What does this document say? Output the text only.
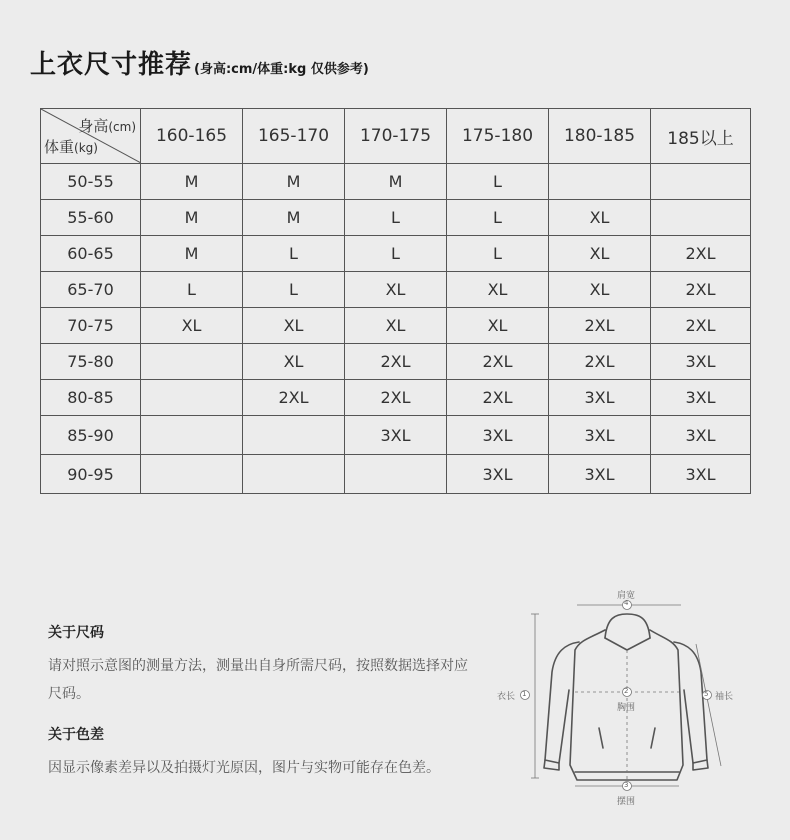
上衣尺寸推荐 (身高:cm/体重:kg 仅供参考)
身高(cm)
体重(kg)	160-165	165-170	170-175	175-180	180-185	185以上
50-55	M	M	M	L		
55-60	M	M	L	L	XL	
60-65	M	L	L	L	XL	2XL
65-70	L	L	XL	XL	XL	2XL
70-75	XL	XL	XL	XL	2XL	2XL
75-80		XL	2XL	2XL	2XL	3XL
80-85		2XL	2XL	2XL	3XL	3XL
85-90			3XL	3XL	3XL	3XL
90-95				3XL	3XL	3XL
关于尺码
请对照示意图的测量方法，测量出自身所需尺码，按照数据选择对应尺码。
关于色差
因显示像素差异以及拍摄灯光原因，图片与实物可能存在色差。
肩宽
4
衣长 1	2
胸围
5 袖长
3
摆围
